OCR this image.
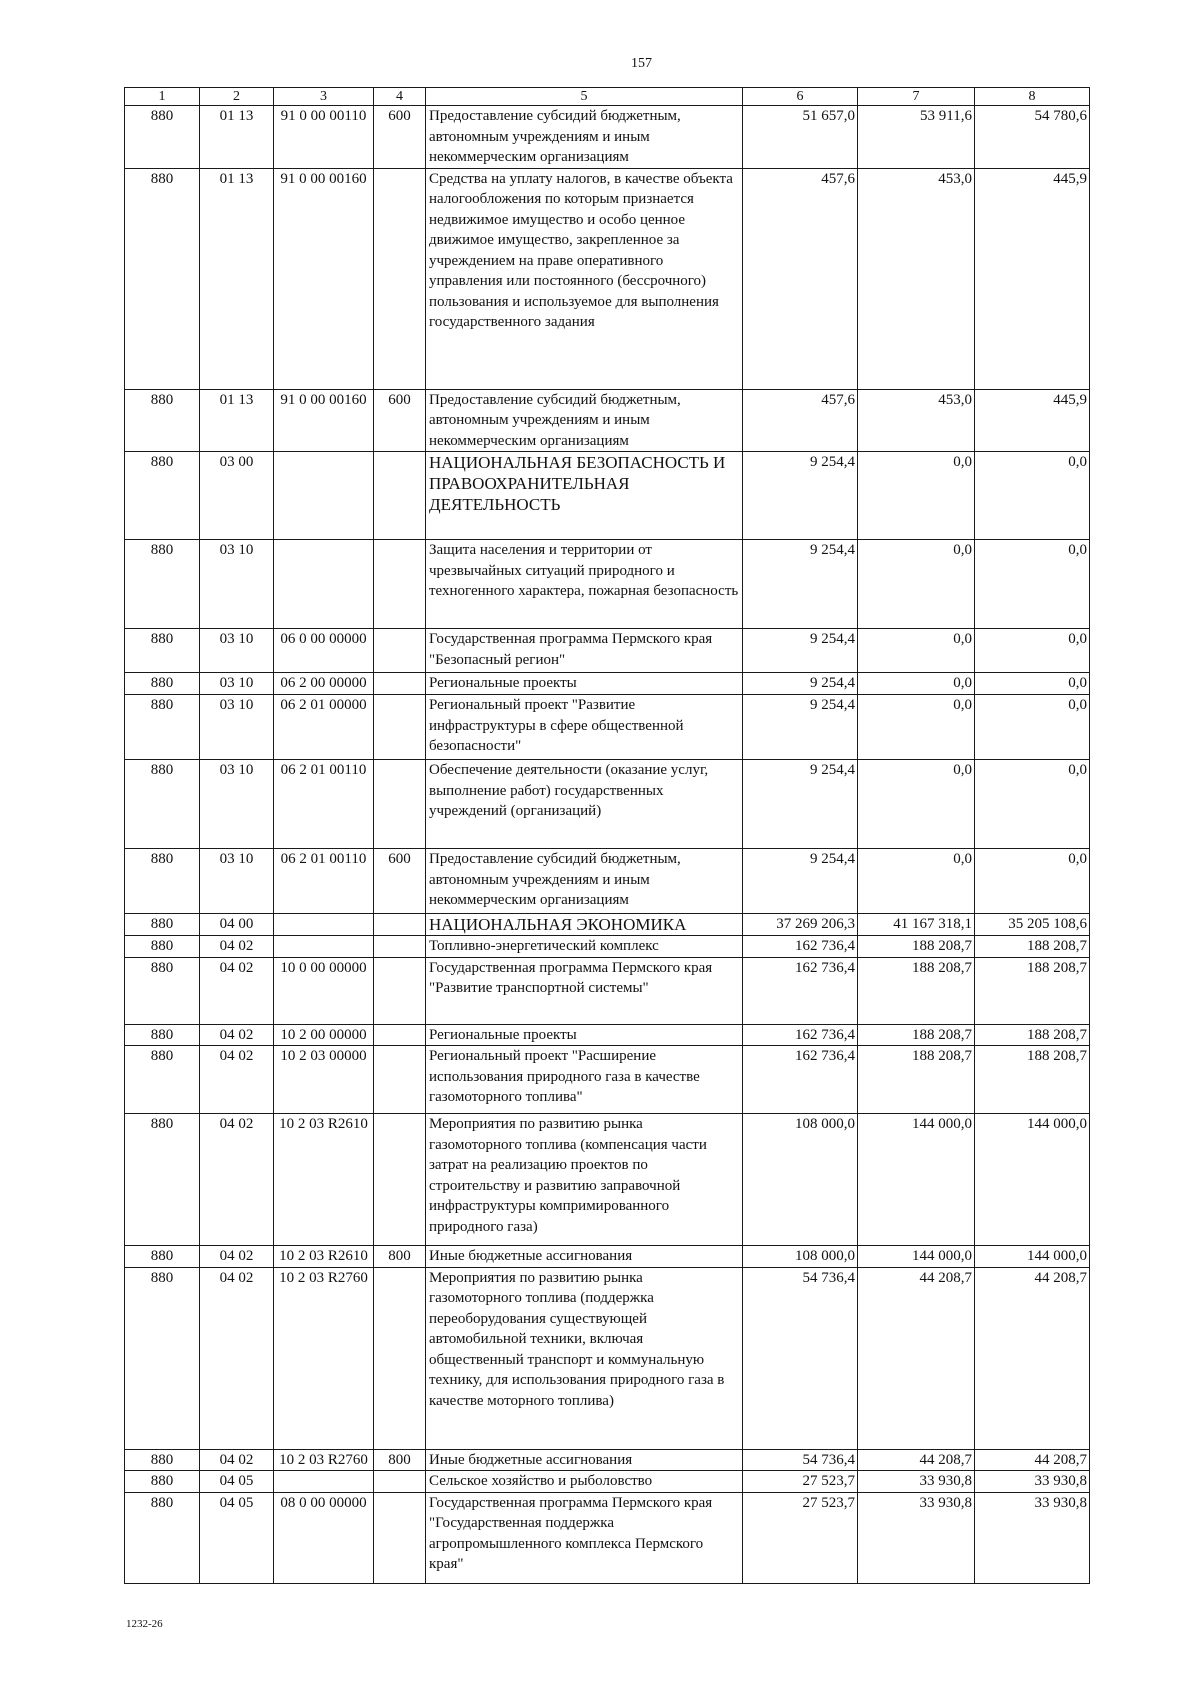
157
1	2	3	4	5	6	7	8
880	01 13	91 0 00 00110	600	Предоставление субсидий бюджетным, автономным учреждениям и иным некоммерческим организациям	51 657,0	53 911,6	54 780,6
880	01 13	91 0 00 00160		Средства на уплату налогов, в качестве объекта налогообложения по которым признается недвижимое имущество и особо ценное движимое имущество, закрепленное за учреждением на праве оперативного управления или постоянного (бессрочного) пользования и используемое для выполнения государственного задания	457,6	453,0	445,9
880	01 13	91 0 00 00160	600	Предоставление субсидий бюджетным, автономным учреждениям и иным некоммерческим организациям	457,6	453,0	445,9
880	03 00			НАЦИОНАЛЬНАЯ БЕЗОПАСНОСТЬ И ПРАВООХРАНИТЕЛЬНАЯ ДЕЯТЕЛЬНОСТЬ	9 254,4	0,0	0,0
880	03 10			Защита населения и территории от чрезвычайных ситуаций природного и техногенного характера, пожарная безопасность	9 254,4	0,0	0,0
880	03 10	06 0 00 00000		Государственная программа Пермского края "Безопасный регион"	9 254,4	0,0	0,0
880	03 10	06 2 00 00000		Региональные проекты	9 254,4	0,0	0,0
880	03 10	06 2 01 00000		Региональный проект "Развитие инфраструктуры в сфере общественной безопасности"	9 254,4	0,0	0,0
880	03 10	06 2 01 00110		Обеспечение деятельности (оказание услуг, выполнение работ) государственных учреждений (организаций)	9 254,4	0,0	0,0
880	03 10	06 2 01 00110	600	Предоставление субсидий бюджетным, автономным учреждениям и иным некоммерческим организациям	9 254,4	0,0	0,0
880	04 00			НАЦИОНАЛЬНАЯ ЭКОНОМИКА	37 269 206,3	41 167 318,1	35 205 108,6
880	04 02			Топливно-энергетический комплекс	162 736,4	188 208,7	188 208,7
880	04 02	10 0 00 00000		Государственная программа Пермского края "Развитие транспортной системы"	162 736,4	188 208,7	188 208,7
880	04 02	10 2 00 00000		Региональные проекты	162 736,4	188 208,7	188 208,7
880	04 02	10 2 03 00000		Региональный проект "Расширение использования природного газа в качестве газомоторного топлива"	162 736,4	188 208,7	188 208,7
880	04 02	10 2 03 R2610		Мероприятия по развитию рынка газомоторного топлива (компенсация части затрат на реализацию проектов по строительству и развитию заправочной инфраструктуры компримированного природного газа)	108 000,0	144 000,0	144 000,0
880	04 02	10 2 03 R2610	800	Иные бюджетные ассигнования	108 000,0	144 000,0	144 000,0
880	04 02	10 2 03 R2760		Мероприятия по развитию рынка газомоторного топлива (поддержка переоборудования существующей автомобильной техники, включая общественный транспорт и коммунальную технику, для использования природного газа в качестве моторного топлива)	54 736,4	44 208,7	44 208,7
880	04 02	10 2 03 R2760	800	Иные бюджетные ассигнования	54 736,4	44 208,7	44 208,7
880	04 05			Сельское хозяйство и рыболовство	27 523,7	33 930,8	33 930,8
880	04 05	08 0 00 00000		Государственная программа Пермского края "Государственная поддержка агропромышленного комплекса Пермского края"	27 523,7	33 930,8	33 930,8
1232-26
